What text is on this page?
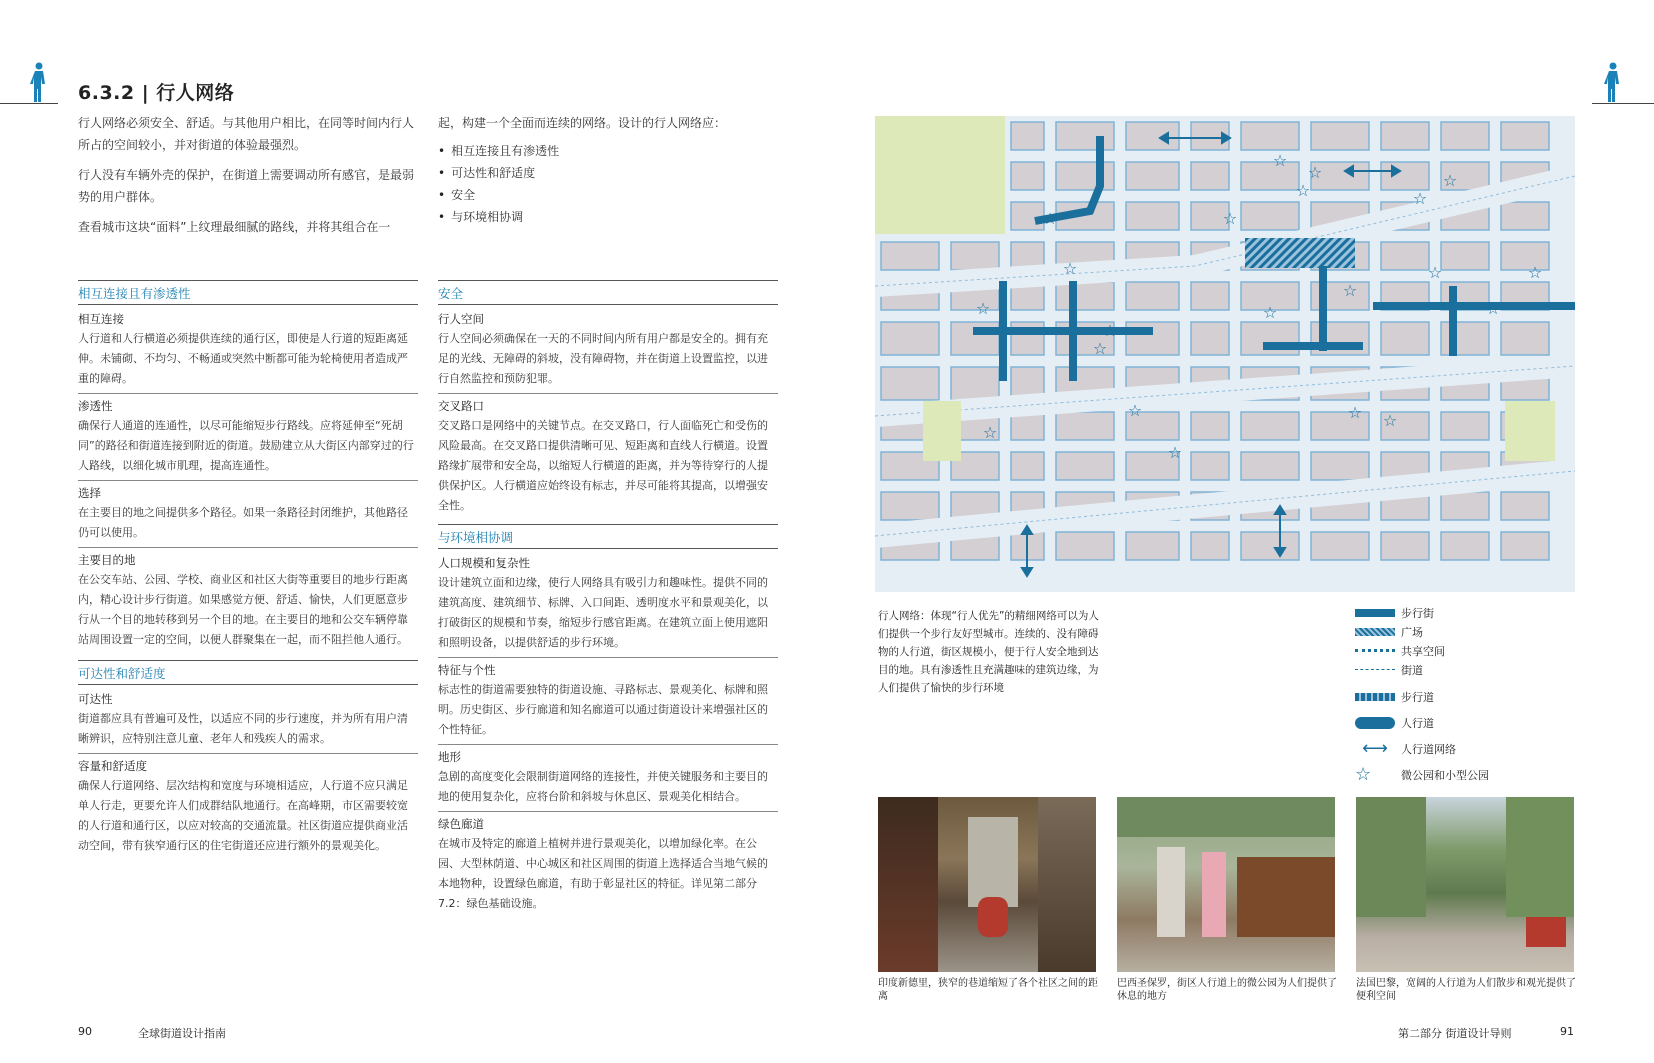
6.3.2 | 行人网络

行人网络必须安全、舒适。与其他用户相比，在同等时间内行人所占的空间较小，并对街道的体验最强烈。

行人没有车辆外壳的保护，在街道上需要调动所有感官，是最弱势的用户群体。

查看城市这块“面料”上纹理最细腻的路线，并将其组合在一

起，构建一个全面而连续的网络。设计的行人网络应：

• 相互连接且有渗透性
• 可达性和舒适度
• 安全
• 与环境相协调
相互连接且有渗透性
相互连接
人行道和人行横道必须提供连续的通行区，即使是人行道的短距离延伸。未铺砌、不均匀、不畅通或突然中断都可能为轮椅使用者造成严重的障碍。
渗透性
确保行人通道的连通性，以尽可能缩短步行路线。应将延伸至“死胡同”的路径和街道连接到附近的街道。鼓励建立从大街区内部穿过的行人路线，以细化城市肌理，提高连通性。
选择
在主要目的地之间提供多个路径。如果一条路径封闭维护，其他路径仍可以使用。
主要目的地
在公交车站、公园、学校、商业区和社区大街等重要目的地步行距离内，精心设计步行街道。如果感觉方便、舒适、愉快，人们更愿意步行从一个目的地转移到另一个目的地。在主要目的地和公交车辆停靠站周围设置一定的空间，以便人群聚集在一起，而不阻拦他人通行。
可达性和舒适度
可达性
街道都应具有普遍可及性，以适应不同的步行速度，并为所有用户清晰辨识，应特别注意儿童、老年人和残疾人的需求。
容量和舒适度
确保人行道网络、层次结构和宽度与环境相适应，人行道不应只满足单人行走，更要允许人们成群结队地通行。在高峰期，市区需要较宽的人行道和通行区，以应对较高的交通流量。社区街道应提供商业活动空间，带有狭窄通行区的住宅街道还应进行额外的景观美化。
安全
行人空间
行人空间必须确保在一天的不同时间内所有用户都是安全的。拥有充足的光线、无障碍的斜坡，没有障碍物，并在街道上设置监控，以进行自然监控和预防犯罪。
交叉路口
交叉路口是网络中的关键节点。在交叉路口，行人面临死亡和受伤的风险最高。在交叉路口提供清晰可见、短距离和直线人行横道。设置路缘扩展带和安全岛，以缩短人行横道的距离，并为等待穿行的人提供保护区。人行横道应始终设有标志，并尽可能将其提高，以增强安全性。
与环境相协调
人口规模和复杂性
设计建筑立面和边缘，使行人网络具有吸引力和趣味性。提供不同的建筑高度、建筑细节、标牌、入口间距、透明度水平和景观美化，以打破街区的规模和节奏，缩短步行感官距离。在建筑立面上使用遮阳和照明设备，以提供舒适的步行环境。
特征与个性
标志性的街道需要独特的街道设施、寻路标志、景观美化、标牌和照明。历史街区、步行廊道和知名廊道可以通过街道设计来增强社区的个性特征。
地形
急剧的高度变化会限制街道网络的连接性，并使关键服务和主要目的地的使用复杂化，应将台阶和斜坡与休息区、景观美化相结合。
绿色廊道
在城市及特定的廊道上植树并进行景观美化，以增加绿化率。在公园、大型林荫道、中心城区和社区周围的街道上选择适合当地气候的本地物种，设置绿色廊道，有助于彰显社区的特征。详见第二部分7.2：绿色基础设施。
☆
☆
☆
☆
☆
☆
☆
☆
☆
☆
☆
☆
☆
☆
☆
☆
☆
☆
☆
☆
☆
行人网络：体现“行人优先”的精细网络可以为人们提供一个步行友好型城市。连续的、没有障碍物的人行道，街区规模小，便于行人安全地到达目的地。具有渗透性且充满趣味的建筑边缘，为人们提供了愉快的步行环境
步行街
广场
共享空间
街道
步行道
人行道
⟷	人行道网络
☆	微公园和小型公园
印度新德里，狭窄的巷道缩短了各个社区之间的距离
巴西圣保罗，街区人行道上的微公园为人们提供了休息的地方
法国巴黎，宽阔的人行道为人们散步和观光提供了便利空间
90	全球街道设计指南	第二部分 街道设计导则	91
